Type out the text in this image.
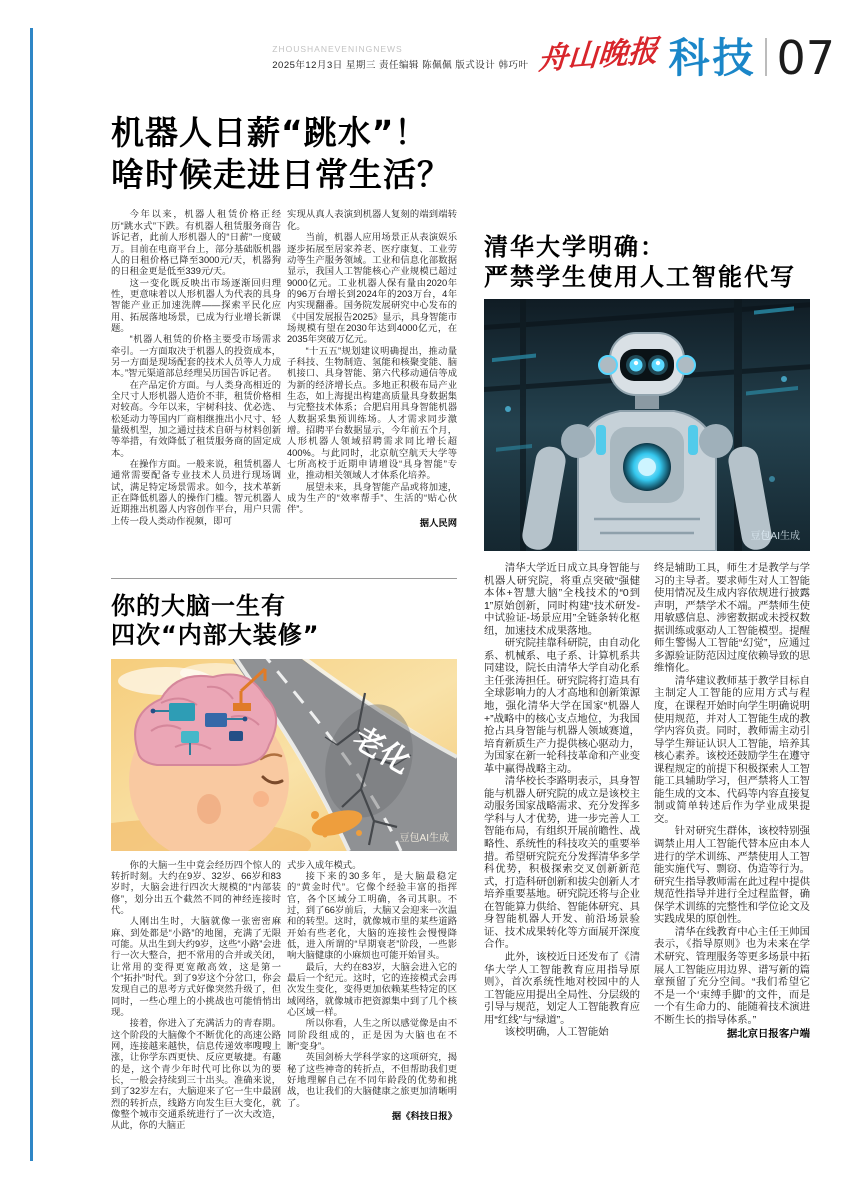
ZHOUSHANEVENINGNEWS
2025年12月3日 星期三 责任编辑 陈佩佩 版式设计 韩巧叶 舟山晚报 科技 07
机器人日薪“跳水”！
啥时候走进日常生活？

今年以来，机器人租赁价格正经历“跳水式”下跌。有机器人租赁服务商告诉记者，此前人形机器人的“日薪”一度破万。目前在电商平台上，部分基础版机器人的日租价格已降至3000元/天，机器狗的日租金更是低至339元/天。

这一变化既反映出市场逐渐回归理性，更意味着以人形机器人为代表的具身智能产业正加速洗牌——探索平民化应用、拓展落地场景，已成为行业增长新课题。

“机器人租赁的价格主要受市场需求牵引。一方面取决于机器人的投资成本，另一方面是现场配套的技术人员等人力成本。”智元渠道部总经理吴历国告诉记者。

在产品定价方面。与人类身高相近的全尺寸人形机器人造价不菲，租赁价格相对较高。今年以来，宇树科技、优必选、松延动力等国内厂商相继推出小尺寸、轻量级机型，加之通过技术自研与材料创新等举措，有效降低了租赁服务商的固定成本。

在操作方面。一般来说，租赁机器人通常需要配备专业技术人员进行现场调试，满足特定场景需求。如今，技术革新正在降低机器人的操作门槛。智元机器人近期推出机器人内容创作平台，用户只需上传一段人类动作视频，即可

实现从真人表演到机器人复刻的端到端转化。

当前，机器人应用场景正从表演娱乐逐步拓展至居家养老、医疗康复、工业劳动等生产服务领域。工业和信息化部数据显示，我国人工智能核心产业规模已超过9000亿元。工业机器人保有量由2020年的96万台增长到2024年的203万台，4年内实现翻番。国务院发展研究中心发布的《中国发展报告2025》显示，具身智能市场规模有望在2030年达到4000亿元，在2035年突破万亿元。

“十五五”规划建议明确提出，推动量子科技、生物制造、氢能和核聚变能、脑机接口、具身智能、第六代移动通信等成为新的经济增长点。多地正积极布局产业生态，如上海提出构建高质量具身数据集与完整技术体系；合肥启用具身智能机器人数据采集预训练场。人才需求同步激增。招聘平台数据显示，今年前五个月，人形机器人领域招聘需求同比增长超400%。与此同时，北京航空航天大学等七所高校于近期申请增设“具身智能”专业，推动相关领域人才体系化培养。

展望未来，具身智能产品或将加速，成为生产的“效率帮手”、生活的“贴心伙伴”。

据人民网

你的大脑一生有
四次“内部大装修”
老化
豆包AI生成

你的大脑一生中竟会经历四个惊人的转折时刻。大约在9岁、32岁、66岁和83岁时，大脑会进行四次大规模的“内部装修”，划分出五个截然不同的神经连接时代。

人刚出生时，大脑就像一张密密麻麻、到处都是“小路”的地图，充满了无限可能。从出生到大约9岁，这些“小路”会进行一次大整合，把不常用的合并或关闭，让常用的变得更宽敞高效，这是第一个“拓扑”时代。到了9岁这个分岔口，你会发现自己的思考方式好像突然升级了，但同时，一些心理上的小挑战也可能悄悄出现。

接着，你进入了充满活力的青春期。这个阶段的大脑像个不断优化的高速公路网，连接越来越快，信息传递效率嗖嗖上涨，让你学东西更快、反应更敏捷。有趣的是，这个青少年时代可比你以为的要长，一般会持续到三十出头。准确来说，到了32岁左右，大脑迎来了它一生中最剧烈的转折点，线路方向发生巨大变化，就像整个城市交通系统进行了一次大改造，从此，你的大脑正

式步入成年模式。

接下来的30多年，是大脑最稳定的“黄金时代”。它像个经验丰富的指挥官，各个区域分工明确，各司其职。不过，到了66岁前后，大脑又会迎来一次温和的转型。这时，就像城市里的某些道路开始有些老化，大脑的连接性会慢慢降低，进入所谓的“早期衰老”阶段，一些影响大脑健康的小麻烦也可能开始冒头。

最后，大约在83岁，大脑会进入它的最后一个纪元。这时，它的连接模式会再次发生变化，变得更加依赖某些特定的区域网络，就像城市把资源集中到了几个核心区域一样。

所以你看，人生之所以感觉像是由不同阶段组成的，正是因为大脑也在不断“变身”。

英国剑桥大学科学家的这项研究，揭秘了这些神奇的转折点，不但帮助我们更好地理解自己在不同年龄段的优势和挑战，也让我们的大脑健康之旅更加清晰明了。

据《科技日报》

清华大学明确：
严禁学生使用人工智能代写
豆包AI生成

清华大学近日成立具身智能与机器人研究院，将重点突破“强健本体+智慧大脑”全栈技术的“0到1”原始创新，同时构建“技术研发-中试验证-场景应用”全链条转化枢纽，加速技术成果落地。

研究院挂靠科研院，由自动化系、机械系、电子系、计算机系共同建设，院长由清华大学自动化系主任张涛担任。研究院将打造具有全球影响力的人才高地和创新策源地，强化清华大学在国家“机器人+”战略中的核心支点地位，为我国抢占具身智能与机器人领域赛道，培育新质生产力提供核心驱动力，为国家在新一轮科技革命和产业变革中赢得战略主动。

清华校长李路明表示，具身智能与机器人研究院的成立是该校主动服务国家战略需求、充分发挥多学科与人才优势，进一步完善人工智能布局，有组织开展前瞻性、战略性、系统性的科技攻关的重要举措。希望研究院充分发挥清华多学科优势，积极探索交叉创新新范式，打造科研创新和拔尖创新人才培养重要基地。研究院还将与企业在智能算力供给、智能体研究、具身智能机器人开发、前沿场景验证、技术成果转化等方面展开深度合作。

此外，该校近日还发布了《清华大学人工智能教育应用指导原则》，首次系统性地对校园中的人工智能应用提出全局性、分层级的引导与规范，划定人工智能教育应用“红线”与“绿道”。

该校明确，人工智能始

终是辅助工具，师生才是教学与学习的主导者。要求师生对人工智能使用情况及生成内容依规进行披露声明，严禁学术不端。严禁师生使用敏感信息、涉密数据或未授权数据训练或驱动人工智能模型。提醒师生警惕人工智能“幻觉”，应通过多源验证防范因过度依赖导致的思维惰化。

清华建议教师基于教学目标自主制定人工智能的应用方式与程度，在课程开始时向学生明确说明使用规范，并对人工智能生成的教学内容负责。同时，教师需主动引导学生辩证认识人工智能，培养其核心素养。该校还鼓励学生在遵守课程规定的前提下积极探索人工智能工具辅助学习，但严禁将人工智能生成的文本、代码等内容直接复制或简单转述后作为学业成果提交。

针对研究生群体，该校特别强调禁止用人工智能代替本应由本人进行的学术训练、严禁使用人工智能实施代写、剽窃、伪造等行为。研究生指导教师需在此过程中提供规范性指导并进行全过程监督，确保学术训练的完整性和学位论文及实践成果的原创性。

清华在线教育中心主任王帅国表示，《指导原则》也为未来在学术研究、管理服务等更多场景中拓展人工智能应用边界、谱写新的篇章预留了充分空间。“我们希望它不是一个‘束缚手脚’的文件，而是一个有生命力的、能随着技术演进不断生长的指导体系。”

据北京日报客户端
